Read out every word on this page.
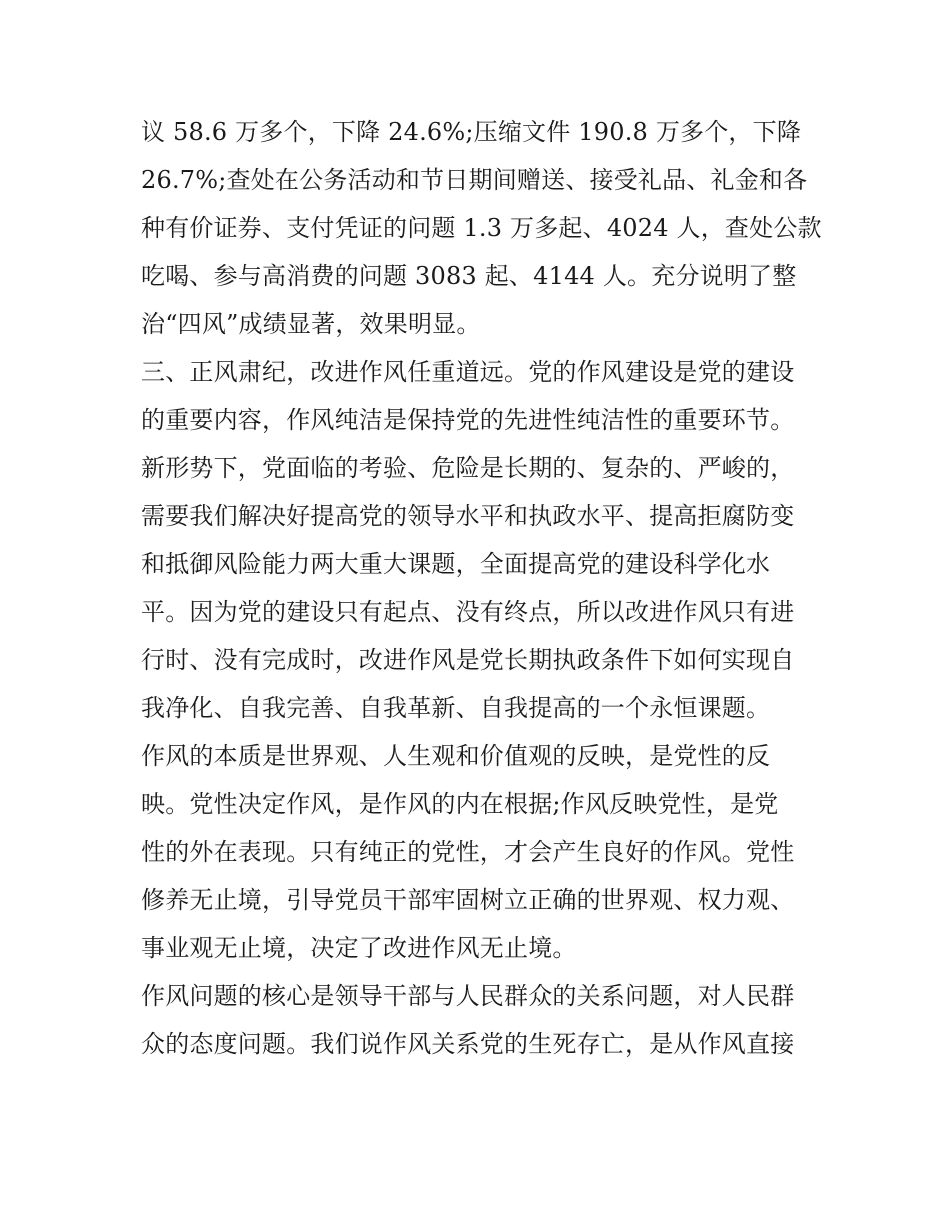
议 58.6 万多个，下降 24.6%;压缩文件 190.8 万多个，下降
26.7%;查处在公务活动和节日期间赠送、接受礼品、礼金和各
种有价证券、支付凭证的问题 1.3 万多起、4024 人，查处公款
吃喝、参与高消费的问题 3083 起、4144 人。充分说明了整
治“四风”成绩显著，效果明显。
三、正风肃纪，改进作风任重道远。党的作风建设是党的建设
的重要内容，作风纯洁是保持党的先进性纯洁性的重要环节。
新形势下，党面临的考验、危险是长期的、复杂的、严峻的，
需要我们解决好提高党的领导水平和执政水平、提高拒腐防变
和抵御风险能力两大重大课题，全面提高党的建设科学化水
平。因为党的建设只有起点、没有终点，所以改进作风只有进
行时、没有完成时，改进作风是党长期执政条件下如何实现自
我净化、自我完善、自我革新、自我提高的一个永恒课题。
作风的本质是世界观、人生观和价值观的反映，是党性的反
映。党性决定作风，是作风的内在根据;作风反映党性，是党
性的外在表现。只有纯正的党性，才会产生良好的作风。党性
修养无止境，引导党员干部牢固树立正确的世界观、权力观、
事业观无止境，决定了改进作风无止境。
作风问题的核心是领导干部与人民群众的关系问题，对人民群
众的态度问题。我们说作风关系党的生死存亡，是从作风直接
